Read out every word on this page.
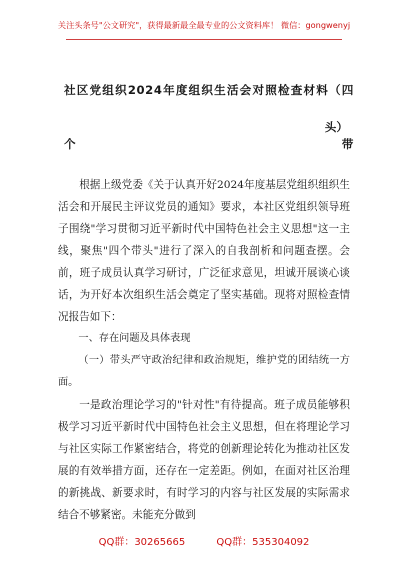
关注头条号"公文研究"，获得最新最全最专业的公文资料库！ 微信：gongwenyj
社区党组织2024年度组织生活会对照检查材料（四个带
头）

根据上级党委《关于认真开好2024年度基层党组织组织生活会和开展民主评议党员的通知》要求，本社区党组织领导班子围绕"学习贯彻习近平新时代中国特色社会主义思想"这一主线，聚焦"四个带头"进行了深入的自我剖析和问题查摆。会前，班子成员认真学习研讨，广泛征求意见，坦诚开展谈心谈话，为开好本次组织生活会奠定了坚实基础。现将对照检查情况报告如下：

一、存在问题及具体表现

（一）带头严守政治纪律和政治规矩，维护党的团结统一方面。

一是政治理论学习的"针对性"有待提高。班子成员能够积极学习习近平新时代中国特色社会主义思想，但在将理论学习与社区实际工作紧密结合，将党的创新理论转化为推动社区发展的有效举措方面，还存在一定差距。例如，在面对社区治理的新挑战、新要求时，有时学习的内容与社区发展的实际需求结合不够紧密。未能充分做到

QQ群：30265665	QQ群：535304092
